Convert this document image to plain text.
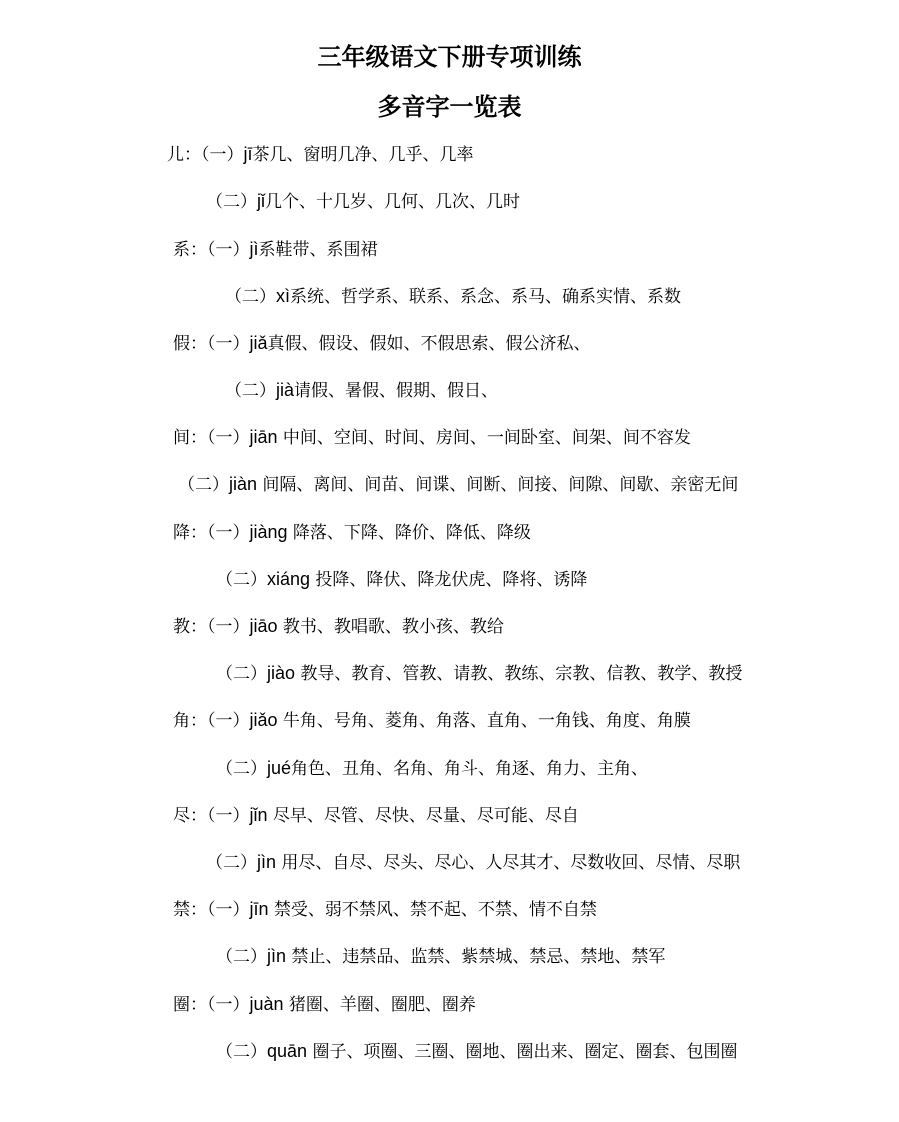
三年级语文下册专项训练
多音字一览表
儿：（一）jī茶几、窗明几净、几乎、几率
（二）jǐ几个、十几岁、几何、几次、几时
系：（一）jì系鞋带、系围裙
（二）xì系统、哲学系、联系、系念、系马、确系实情、系数
假：（一）jiǎ真假、假设、假如、不假思索、假公济私、
（二）jià请假、暑假、假期、假日、
间：（一）jiān 中间、空间、时间、房间、一间卧室、间架、间不容发
（二）jiàn 间隔、离间、间苗、间谍、间断、间接、间隙、间歇、亲密无间
降：（一）jiàng 降落、下降、降价、降低、降级
（二）xiáng 投降、降伏、降龙伏虎、降将、诱降
教：（一）jiāo 教书、教唱歌、教小孩、教给
（二）jiào 教导、教育、管教、请教、教练、宗教、信教、教学、教授
角：（一）jiǎo 牛角、号角、菱角、角落、直角、一角钱、角度、角膜
（二）jué角色、丑角、名角、角斗、角逐、角力、主角、
尽：（一）jǐn 尽早、尽管、尽快、尽量、尽可能、尽自
（二）jìn 用尽、自尽、尽头、尽心、人尽其才、尽数收回、尽情、尽职
禁：（一）jīn 禁受、弱不禁风、禁不起、不禁、情不自禁
（二）jìn 禁止、违禁品、监禁、紫禁城、禁忌、禁地、禁军
圈：（一）juàn 猪圈、羊圈、圈肥、圈养
（二）quān 圈子、项圈、三圈、圈地、圈出来、圈定、圈套、包围圈
